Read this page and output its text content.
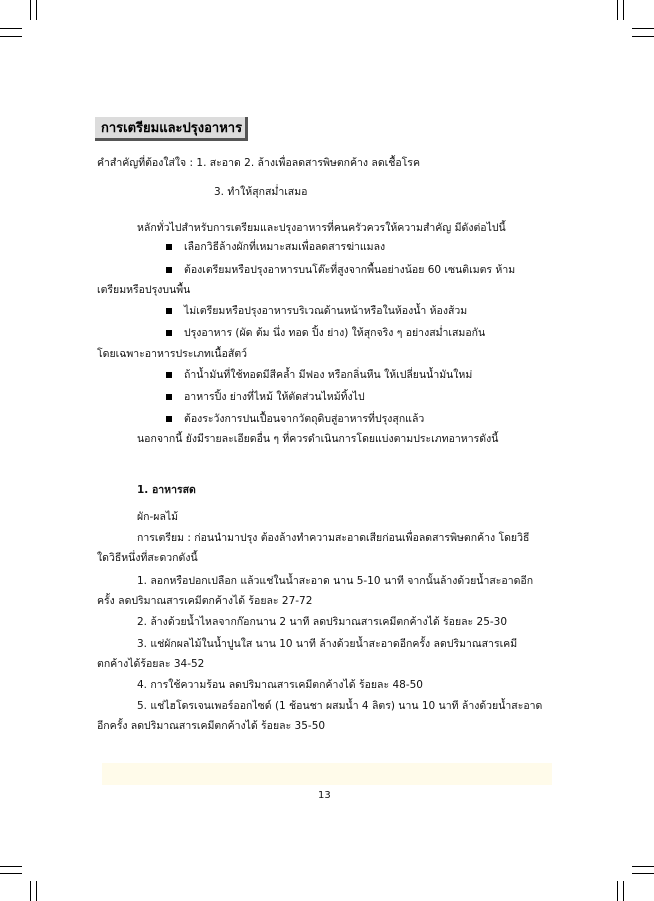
การเตรียมและปรุงอาหาร
คำสำคัญที่ต้องใส่ใจ : 1. สะอาด 2. ล้างเพื่อลดสารพิษตกค้าง ลดเชื้อโรค
3. ทำให้สุกสม่ำเสมอ
หลักทั่วไปสำหรับการเตรียมและปรุงอาหารที่คนครัวควรให้ความสำคัญ มีดังต่อไปนี้
เลือกวิธีล้างผักที่เหมาะสมเพื่อลดสารฆ่าแมลง
ต้องเตรียมหรือปรุงอาหารบนโต๊ะที่สูงจากพื้นอย่างน้อย 60 เซนติเมตร ห้าม
เตรียมหรือปรุงบนพื้น
ไม่เตรียมหรือปรุงอาหารบริเวณด้านหน้าหรือในห้องน้ำ ห้องส้วม
ปรุงอาหาร (ผัด ต้ม นึ่ง ทอด ปิ้ง ย่าง) ให้สุกจริง ๆ อย่างสม่ำเสมอกัน
โดยเฉพาะอาหารประเภทเนื้อสัตว์
ถ้าน้ำมันที่ใช้ทอดมีสีคล้ำ มีฟอง หรือกลิ่นหืน ให้เปลี่ยนน้ำมันใหม่
อาหารปิ้ง ย่างที่ไหม้ ให้ตัดส่วนไหม้ทิ้งไป
ต้องระวังการปนเปื้อนจากวัตถุดิบสู่อาหารที่ปรุงสุกแล้ว
นอกจากนี้ ยังมีรายละเอียดอื่น ๆ ที่ควรดำเนินการโดยแบ่งตามประเภทอาหารดังนี้
1. อาหารสด
ผัก-ผลไม้
การเตรียม : ก่อนนำมาปรุง ต้องล้างทำความสะอาดเสียก่อนเพื่อลดสารพิษตกค้าง โดยวิธี
ใดวิธีหนึ่งที่สะดวกดังนี้
1. ลอกหรือปอกเปลือก แล้วแช่ในน้ำสะอาด นาน 5-10 นาที จากนั้นล้างด้วยน้ำสะอาดอีก
ครั้ง ลดปริมาณสารเคมีตกค้างได้ ร้อยละ 27-72
2. ล้างด้วยน้ำไหลจากก๊อกนาน 2 นาที ลดปริมาณสารเคมีตกค้างได้ ร้อยละ 25-30
3. แช่ผักผลไม้ในน้ำปูนใส นาน 10 นาที ล้างด้วยน้ำสะอาดอีกครั้ง ลดปริมาณสารเคมี
ตกค้างได้ร้อยละ 34-52
4. การใช้ความร้อน ลดปริมาณสารเคมีตกค้างได้ ร้อยละ 48-50
5. แช่ไฮโดรเจนเพอร์ออกไซด์ (1 ช้อนชา ผสมน้ำ 4 ลิตร) นาน 10 นาที ล้างด้วยน้ำสะอาด
อีกครั้ง ลดปริมาณสารเคมีตกค้างได้ ร้อยละ 35-50
13
